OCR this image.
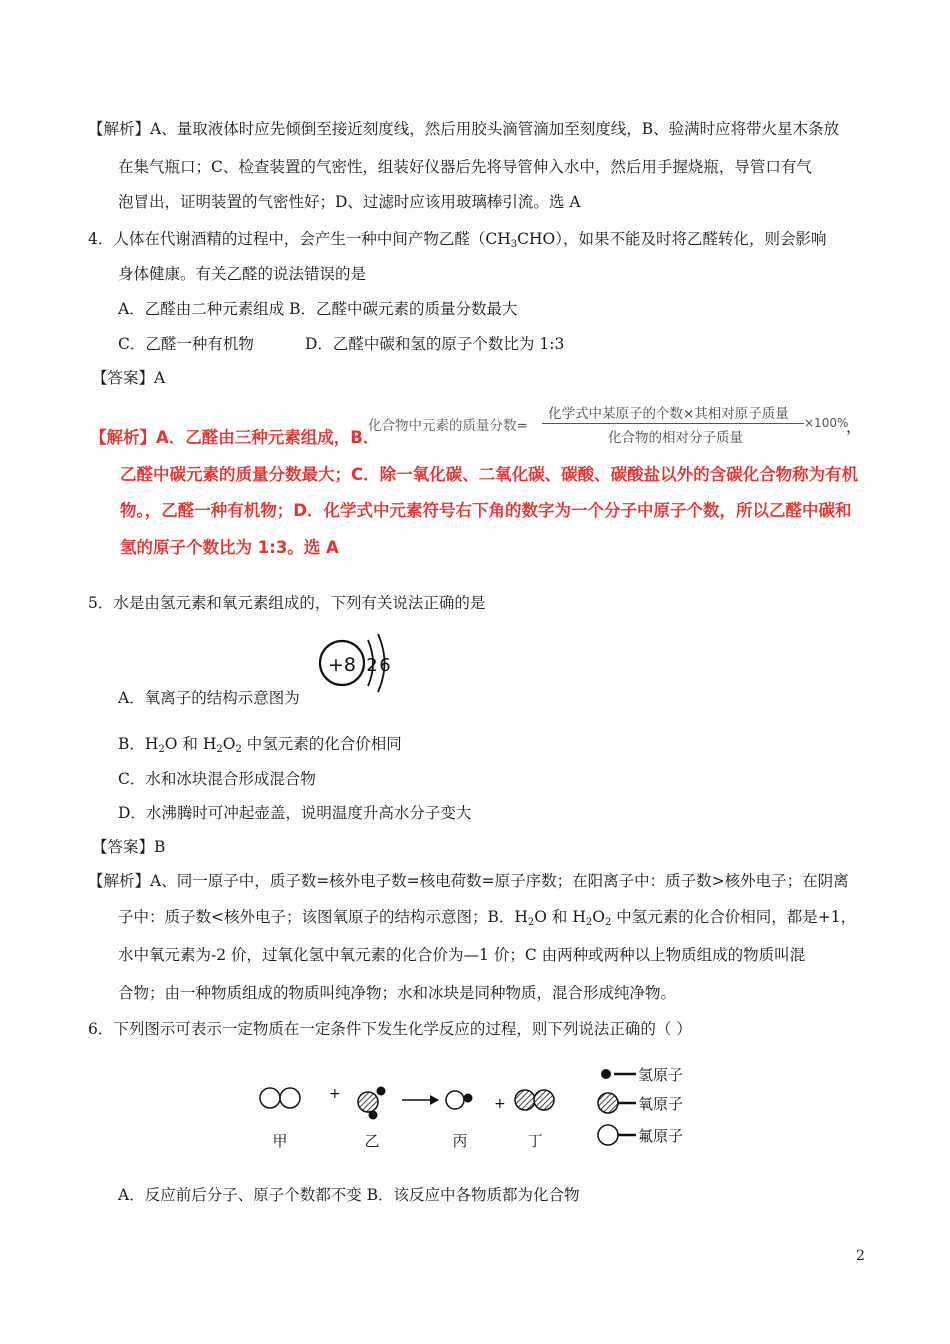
【解析】A、量取液体时应先倾倒至接近刻度线，然后用胶头滴管滴加至刻度线，B、验满时应将带火星木条放
在集气瓶口；C、检查装置的气密性，组装好仪器后先将导管伸入水中，然后用手握烧瓶，导管口有气
泡冒出，证明装置的气密性好；D、过滤时应该用玻璃棒引流。选 A
4．人体在代谢酒精的过程中，会产生一种中间产物乙醛$(CH_3CHO)$，如果不能及时将乙醛转化，则会影响
身体健康。有关乙醛的说法错误的是
A．乙醛由二种元素组成 B．乙醛中碳元素的质量分数最大
C．乙醛一种有机物	D．乙醛中碳和氢的原子个数比为 1:3
【答案】A
【解析】A．乙醛由三种元素组成，B．
化合物中元素的质量分数=
化学式中某原子的个数×其相对原子质量
化合物的相对分子质量
×100%
，
乙醛中碳元素的质量分数最大；C．除一氧化碳、二氧化碳、碳酸、碳酸盐以外的含碳化合物称为有机
物。，乙醛一种有机物；D．化学式中元素符号右下角的数字为一个分子中原子个数，所以乙醛中碳和
氢的原子个数比为 1:3。选 A
5．水是由氢元素和氧元素组成的，下列有关说法正确的是
A．氧离子的结构示意图为
+8 2 6
B．$H_2O$ 和 $H_2O_2$ 中氢元素的化合价相同
C．水和冰块混合形成混合物
D．水沸腾时可冲起壶盖，说明温度升高水分子变大
【答案】B
【解析】A、同一原子中，质子数=核外电子数=核电荷数=原子序数；在阳离子中：质子数>核外电子；在阴离
子中：质子数<核外电子；该图氧原子的结构示意图；B．$H_2O$ 和 $H_2O_2$ 中氢元素的化合价相同，都是+1，
水中氧元素为-2 价，过氧化氢中氧元素的化合价为—1 价；C 由两种或两种以上物质组成的物质叫混
合物；由一种物质组成的物质叫纯净物；水和冰块是同种物质，混合形成纯净物。
6．下列图示可表示一定物质在一定条件下发生化学反应的过程，则下列说法正确的（ ）
+
+
甲	乙	丙	丁
氢原子
氧原子
氟原子
A．反应前后分子、原子个数都不变 B．该反应中各物质都为化合物
2
